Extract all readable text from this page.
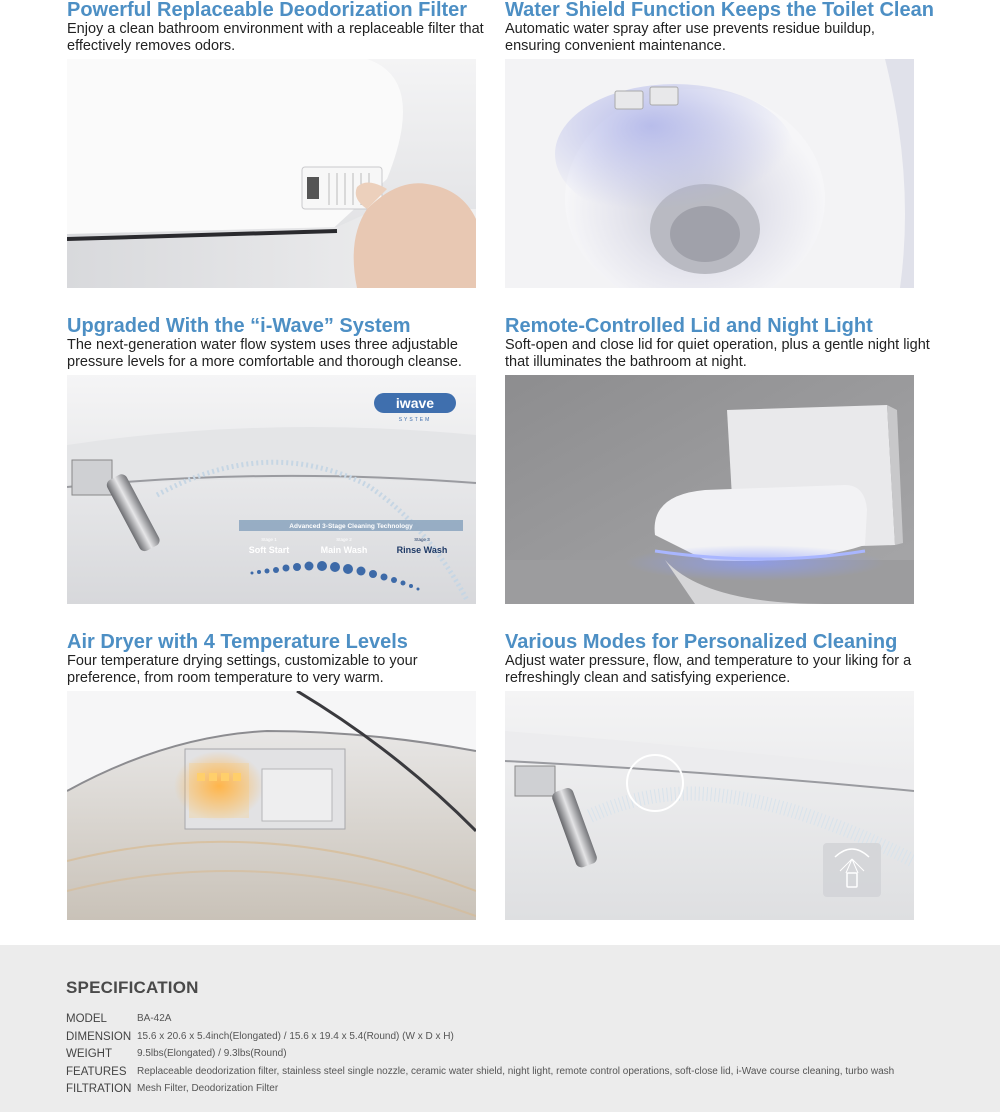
Powerful Replaceable Deodorization Filter

Enjoy a clean bathroom environment with a replaceable filter that effectively removes odors.

Water Shield Function Keeps the Toilet Clean

Automatic water spray after use prevents residue buildup, ensuring convenient maintenance.

Upgraded With the “i-Wave” System

The next-generation water flow system uses three adjustable pressure levels for a more comfortable and thorough cleanse.

iwave
SYSTEM
Advanced 3-Stage Cleaning Technology
Stage 1
Soft Start
Stage 2
Main Wash
Stage 3
Rinse Wash
Remote-Controlled Lid and Night Light

Soft-open and close lid for quiet operation, plus a gentle night light that illuminates the bathroom at night.

Air Dryer with 4 Temperature Levels

Four temperature drying settings, customizable to your preference, from room temperature to very warm.

Various Modes for Personalized Cleaning

Adjust water pressure, flow, and temperature to your liking for a refreshingly clean and satisfying experience.

SPECIFICATION
MODEL	BA-42A
DIMENSION 15.6 x 20.6 x 5.4inch(Elongated) / 15.6 x 19.4 x 5.4(Round) (W x D x H)
WEIGHT	9.5lbs(Elongated) / 9.3lbs(Round)
FEATURES	Replaceable deodorization filter, stainless steel single nozzle, ceramic water shield, night light, remote control operations, soft-close lid, i-Wave course cleaning, turbo wash
FILTRATION Mesh Filter, Deodorization Filter
